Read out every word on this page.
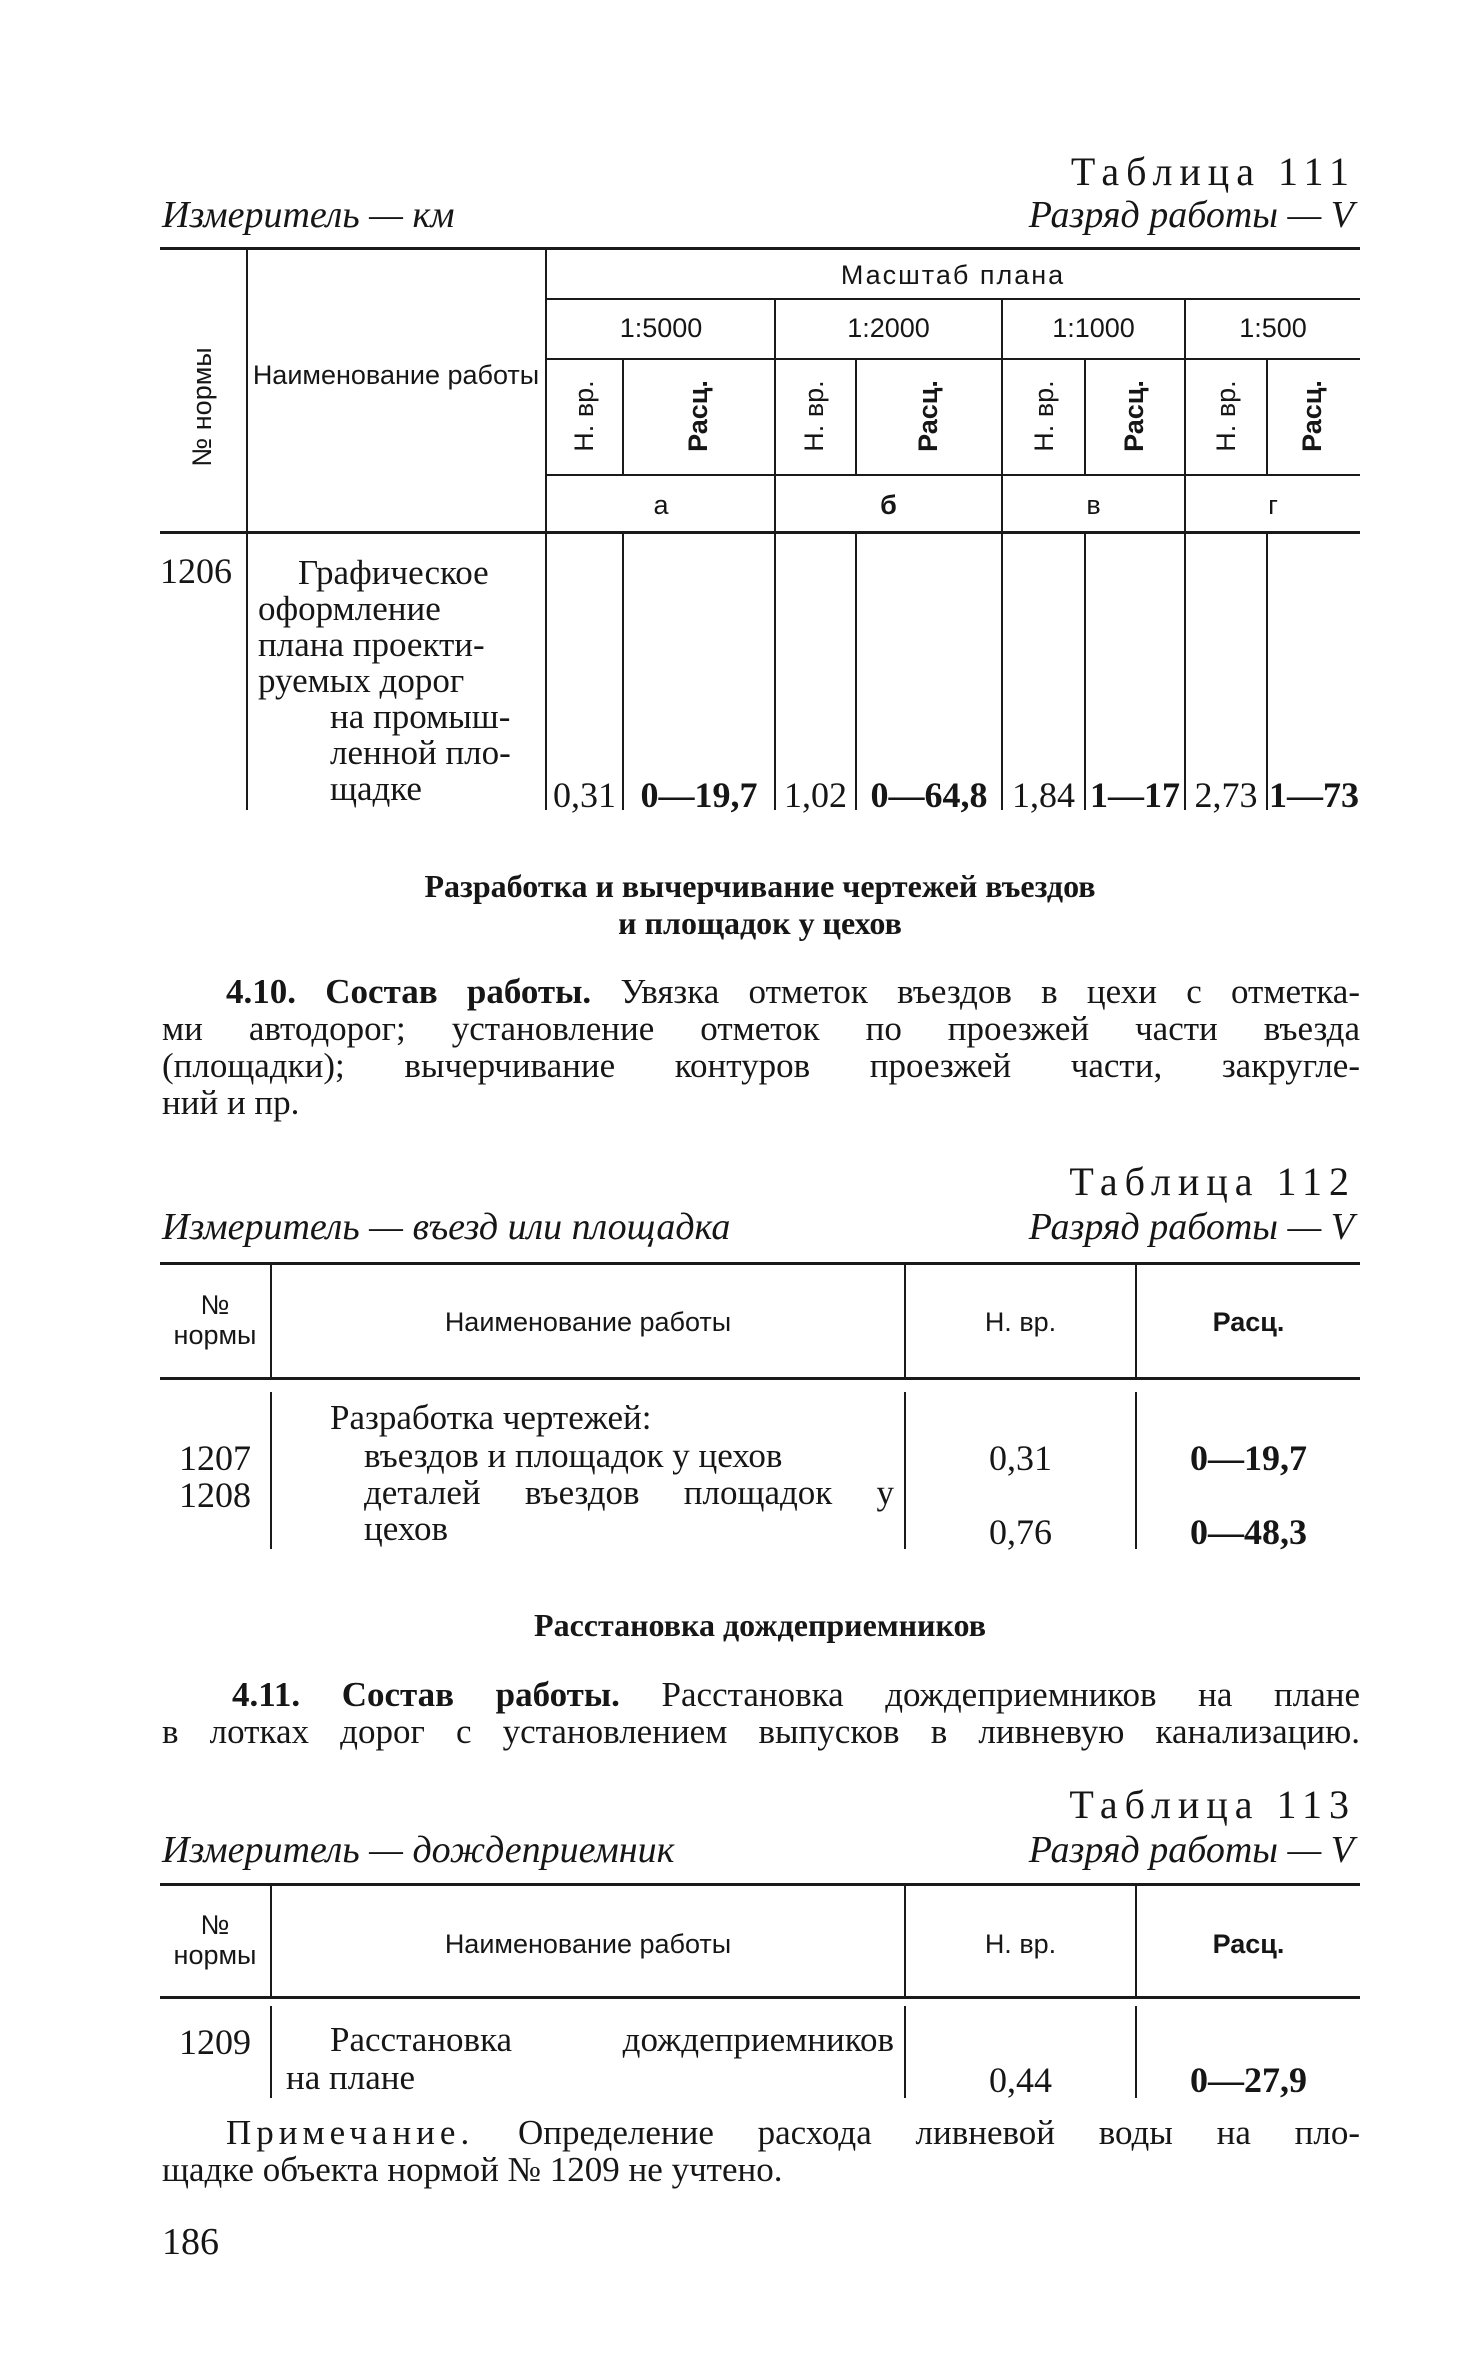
Таблица 111
Измеритель — км	Разряд работы — V
№ нормы Наименование работы
Масштаб плана
1:5000	1:2000	1:1000	1:500
Н. вр.	Расц.	Н. вр.	Расц.	Н. вр. Расц. Н. вр. Расц.
а	б	в	г
1206	Графическое
оформление
плана проекти-
руемых дорог
на промыш-
ленной пло-
щадке	0,31 0—19,7 1,02 0—64,8 1,84 1—17 2,73 1—73
Разработка и вычерчивание чертежей въездов
и площадок у цехов
4.10. Состав работы. Увязка отметок въездов в цехи с отметка-
ми автодорог; установление отметок по проезжей части въезда
(площадки); вычерчивание контуров проезжей части, закругле-
ний и пр.
Таблица 112
Измеритель — въезд или площадка	Разряд работы — V
№
нормы	Наименование работы	Н. вр.	Расц.
Разработка чертежей:
1207	въездов и площадок у цехов	0,31	0—19,7
1208	деталей въездов площадок у
цехов	0,76	0—48,3
Расстановка дождеприемников
4.11. Состав работы. Расстановка дождеприемников на плане
в лотках дорог с установлением выпусков в ливневую канализацию.
Таблица 113
Измеритель — дождеприемник	Разряд работы — V
№
нормы	Наименование работы	Н. вр.	Расц.
1209	Расстановка дождеприемников
на плане	0,44	0—27,9
Примечание. Определение расхода ливневой воды на пло-
щадке объекта нормой № 1209 не учтено.
186
